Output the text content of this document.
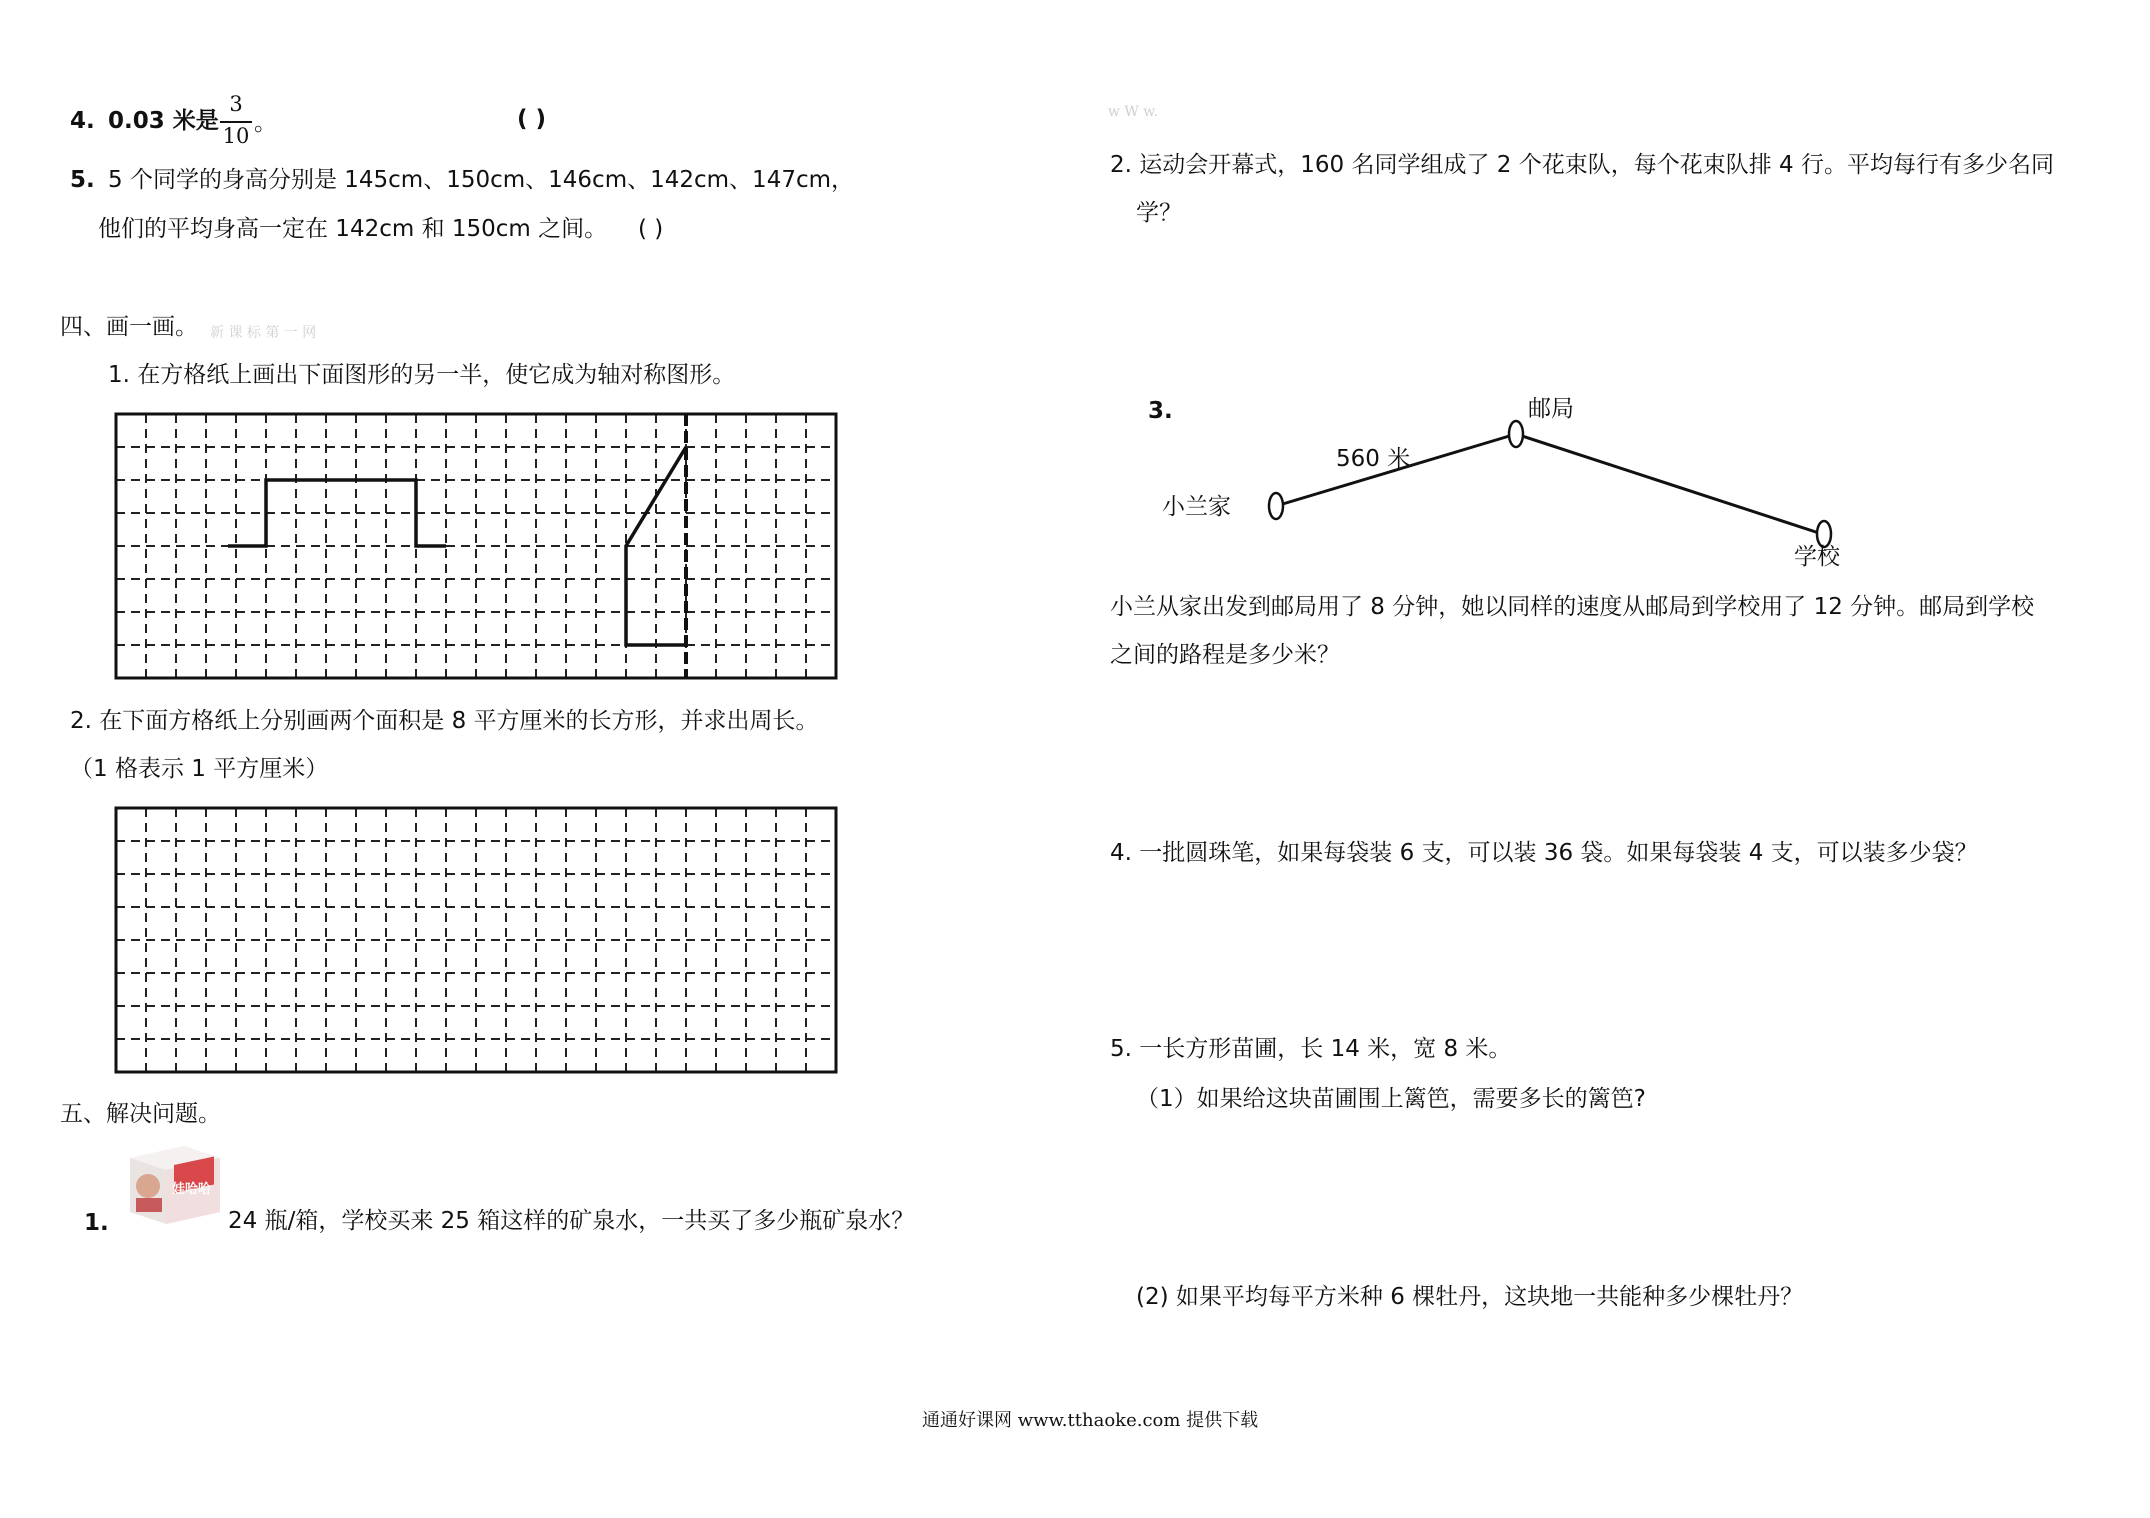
4. 0.03 米是
3
10 。	( )
5. 5 个同学的身高分别是 145cm、150cm、146cm、142cm、147cm，
他们的平均身高一定在 142cm 和 150cm 之间。 ( )
四、画一画。 新 课 标 第 一 网
1. 在方格纸上画出下面图形的另一半，使它成为轴对称图形。
2. 在下面方格纸上分别画两个面积是 8 平方厘米的长方形，并求出周长。
（1 格表示 1 平方厘米）
五、解决问题。
1.
娃哈哈
24 瓶/箱，学校买来 25 箱这样的矿泉水，一共买了多少瓶矿泉水？
w W w.
2. 运动会开幕式，160 名同学组成了 2 个花束队，每个花束队排 4 行。平均每行有多少名同
学？
3.	邮局
560 米
小兰家
学校
小兰从家出发到邮局用了 8 分钟，她以同样的速度从邮局到学校用了 12 分钟。邮局到学校
之间的路程是多少米？
4. 一批圆珠笔，如果每袋装 6 支，可以装 36 袋。如果每袋装 4 支，可以装多少袋？
5. 一长方形苗圃，长 14 米，宽 8 米。
（1）如果给这块苗圃围上篱笆，需要多长的篱笆?
(2) 如果平均每平方米种 6 棵牡丹，这块地一共能种多少棵牡丹？
通通好课网 www.tthaoke.com 提供下载
